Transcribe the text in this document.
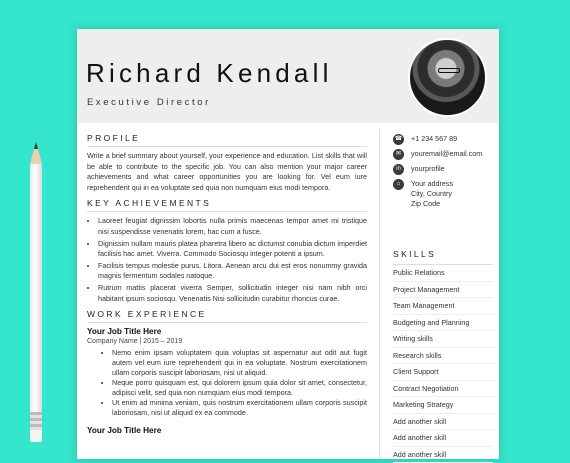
Richard Kendall
Executive Director
PROFILE
Write a brief summary about yourself, your experience and education. List skills that will be able to contribute to the specific job. You can also mention your major career achievements and what career opportunities you are looking for. Vel eum iure reprehenderit qui in ea voluptate sed quia non numquam eius modi tempora.
KEY ACHIEVEMENTS
• Laoreet feugiat dignissim lobortis nulla primis maecenas tempor amet mi tristique nisi suspendisse venenatis lorem, hac cum a fusce.
• Dignissim nullam mauris platea pharetra libero ac dictumst conubia dictum imperdiet facilisis hac amet. Viverra. Commodo Sociosqu integer potenti a ipsum.
• Facilisis tempus molestie purus. Litora. Aenean arcu dui est eros nonummy gravida magnis fermentum sodales natoque.
• Rutrum mattis placerat viverra Semper, sollicitudin integer nisi nam nibh orci habitant ipsum sociosqu. Venenatis Nisi sollicitudin curabitur rhoncus curae.
WORK EXPERIENCE
Your Job Title Here
Company Name | 2015 – 2019
• Nemo enim ipsam voluptatem quia voluptas sit aspernatur aut odit aut fugit autem vel eum iure reprehenderit qui in ea voluptate. Nostrum exercitationem ullam corporis suscipit laboriosam, nisi ut aliquid.
• Neque porro quisquam est, qui dolorem ipsum quia dolor sit amet, consectetur, adipisci velit, sed quia non numquam eius modi tempora.
• Ut enim ad minima veniam, quis nostrum exercitationem ullam corporis suscipit laboriosam, nisi ut aliquid ex ea commode.
Your Job Title Here
☎ +1 234 567 89
✉	youremail@email.com
in	yourprofile
⌂	Your address
City, Country
Zip Code
SKILLS
Public Relations
Project Management
Team Management
Budgeting and Planning
Writing skills
Research skills
Client Support
Contract Negotiation
Marketing Strategy
Add another skill
Add another skill
Add another skill
